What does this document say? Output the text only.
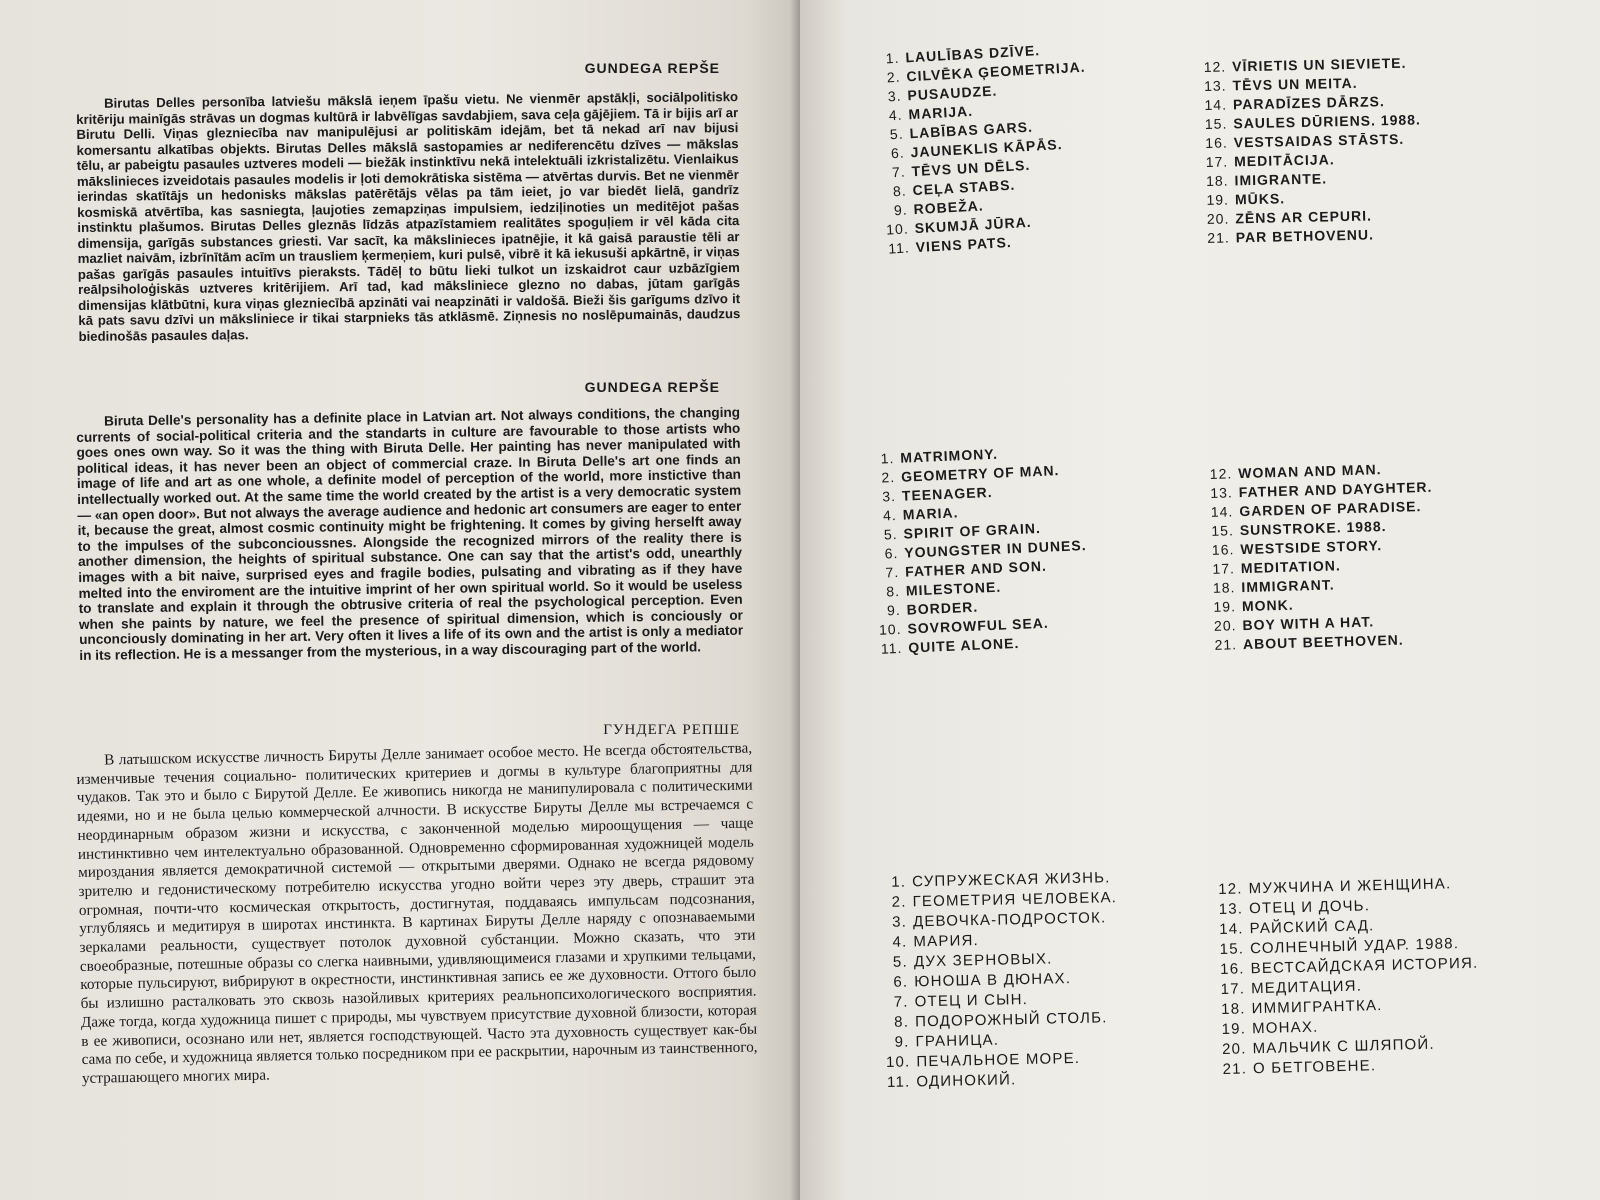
GUNDEGA REPŠE

Birutas Delles personība latviešu mākslā ieņem īpašu vietu. Ne vienmēr apstākļi, sociālpolitisko kritēriju mainīgās strāvas un dogmas kultūrā ir labvēlīgas savdabjiem, sava ceļa gājējiem. Tā ir bijis arī ar Birutu Delli. Viņas glezniecība nav manipulējusi ar politiskām idejām, bet tā nekad arī nav bijusi komersantu alkatības objekts. Birutas Delles mākslā sastopamies ar nediferencētu dzīves — mākslas tēlu, ar pabeigtu pasaules uztveres modeli — biežāk instinktīvu nekā intelektuāli izkristalizētu. Vienlaikus mākslinieces izveidotais pasaules modelis ir ļoti demokrātiska sistēma — atvērtas durvis. Bet ne vienmēr ierindas skatītājs un hedonisks mākslas patērētājs vēlas pa tām ieiet, jo var biedēt lielā, gandrīz kosmiskā atvērtība, kas sasniegta, ļaujoties zemapziņas impulsiem, iedziļinoties un meditējot pašas instinktu plašumos. Birutas Delles gleznās līdzās atpazīstamiem realitātes spoguļiem ir vēl kāda cita dimensija, garīgās substances griesti. Var sacīt, ka mākslinieces ipatnējie, it kā gaisā paraustie tēli ar mazliet naivām, izbrīnītām acīm un trausliem ķermeņiem, kuri pulsē, vibrē it kā iekusuši apkārtnē, ir viņas pašas garīgās pasaules intuitīvs pieraksts. Tādēļ to būtu lieki tulkot un izskaidrot caur uzbāzīgiem reālpsiholoģiskās uztveres kritērijiem. Arī tad, kad māksliniece glezno no dabas, jūtam garīgās dimensijas klātbūtni, kura viņas glezniecībā apzināti vai neapzināti ir valdošā. Bieži šis garīgums dzīvo it kā pats savu dzīvi un māksliniece ir tikai starpnieks tās atklāsmē. Ziņnesis no noslēpumainās, daudzus biedinošās pasaules daļas.

GUNDEGA REPŠE

Biruta Delle's personality has a definite place in Latvian art. Not always conditions, the changing currents of social-political criteria and the standarts in culture are favourable to those artists who goes ones own way. So it was the thing with Biruta Delle. Her painting has never manipulated with political ideas, it has never been an object of commercial craze. In Biruta Delle's art one finds an image of life and art as one whole, a definite model of perception of the world, more instictive than intellectually worked out. At the same time the world created by the artist is a very democratic system — «an open door». But not always the average audience and hedonic art consumers are eager to enter it, because the great, almost cosmic continuity might be frightening. It comes by giving herselft away to the impulses of the subconcioussnes. Alongside the recognized mirrors of the reality there is another dimension, the heights of spiritual substance. One can say that the artist's odd, unearthly images with a bit naive, surprised eyes and fragile bodies, pulsating and vibrating as if they have melted into the enviroment are the intuitive imprint of her own spiritual world. So it would be useless to translate and explain it through the obtrusive criteria of real the psychological perception. Even when she paints by nature, we feel the presence of spiritual dimension, which is conciously or unconciously dominating in her art. Very often it lives a life of its own and the artist is only a mediator in its reflection. He is a messanger from the mysterious, in a way discouraging part of the world.

ГУНДЕГА РЕПШЕ

В латышском искусстве личность Бируты Делле занимает особое место. Не всегда обстоятельства, изменчивые течения социально- политических критериев и догмы в культуре благоприятны для чудаков. Так это и было с Бирутой Делле. Ее живопись никогда не манипулировала с политическими идеями, но и не была целью коммерческой алчности. В искусстве Бируты Делле мы встречаемся с неординарным образом жизни и искусства, с законченной моделью мироощущения — чаще инстинктивно чем интелектуально образованной. Одновременно сформированная художницей модель мироздания является демократичной системой — открытыми дверями. Однако не всегда рядовому зрителю и гедонистическому потребителю искусства угодно войти через эту дверь, страшит эта огромная, почти-что космическая открытость, достигнутая, поддаваясь импульсам подсознания, углубляясь и медитируя в широтах инстинкта. В картинах Бируты Делле наряду с опознаваемыми зеркалами реальности, существует потолок духовной субстанции. Можно сказать, что эти своеобразные, потешные образы со слегка наивными, удивляющимеися глазами и хрупкими тельцами, которые пульсируют, вибрируют в окрестности, инстинктивная запись ее же духовности. Оттого было бы излишно расталковать это сквозь назойливых критериях реальнопсихологического восприятия. Даже тогда, когда художница пишет с природы, мы чувствуем присутствие духовной близости, которая в ее живописи, осознано или нет, является господствующей. Часто эта духовность существует как-бы сама по себе, и художница является только посредником при ее раскрытии, нарочным из таинственного, устрашающего многих мира.

1. LAULĪBAS DZĪVE.
2. CILVĒKA ĢEOMETRIJA.
3. PUSAUDZE.
4. MARIJA.
5. LABĪBAS GARS.
6. JAUNEKLIS KĀPĀS.
7. TĒVS UN DĒLS.
8. CEĻA STABS.
9. ROBEŽA.
10. SKUMJĀ JŪRA.
11. VIENS PATS.
12. VĪRIETIS UN SIEVIETE.
13. TĒVS UN MEITA.
14. PARADĪZES DĀRZS.
15. SAULES DŪRIENS. 1988.
16. VESTSAIDAS STĀSTS.
17. MEDITĀCIJA.
18. IMIGRANTE.
19. MŪKS.
20. ZĒNS AR CEPURI.
21. PAR BETHOVENU.
1. MATRIMONY.
2. GEOMETRY OF MAN.
3. TEENAGER.
4. MARIA.
5. SPIRIT OF GRAIN.
6. YOUNGSTER IN DUNES.
7. FATHER AND SON.
8. MILESTONE.
9. BORDER.
10. SOVROWFUL SEA.
11. QUITE ALONE.
12. WOMAN AND MAN.
13. FATHER AND DAYGHTER.
14. GARDEN OF PARADISE.
15. SUNSTROKE. 1988.
16. WESTSIDE STORY.
17. MEDITATION.
18. IMMIGRANT.
19. MONK.
20. BOY WITH A HAT.
21. ABOUT BEETHOVEN.
1. СУПРУЖЕСКАЯ ЖИЗНЬ.
2. ГЕОМЕТРИЯ ЧЕЛОВЕКА.
3. ДЕВОЧКА-ПОДРОСТОК.
4. МАРИЯ.
5. ДУХ ЗЕРНОВЫХ.
6. ЮНОША В ДЮНАХ.
7. ОТЕЦ И СЫН.
8. ПОДОРОЖНЫЙ СТОЛБ.
9. ГРАНИЦА.
10. ПЕЧАЛЬНОЕ МОРЕ.
11. ОДИНОКИЙ.
12. МУЖЧИНА И ЖЕНЩИНА.
13. ОТЕЦ И ДОЧЬ.
14. РАЙСКИЙ САД.
15. СОЛНЕЧНЫЙ УДАР. 1988.
16. ВЕСТСАЙДСКАЯ ИСТОРИЯ.
17. МЕДИТАЦИЯ.
18. ИММИГРАНТКА.
19. МОНАХ.
20. МАЛЬЧИК С ШЛЯПОЙ.
21. О БЕТГОВЕНЕ.
